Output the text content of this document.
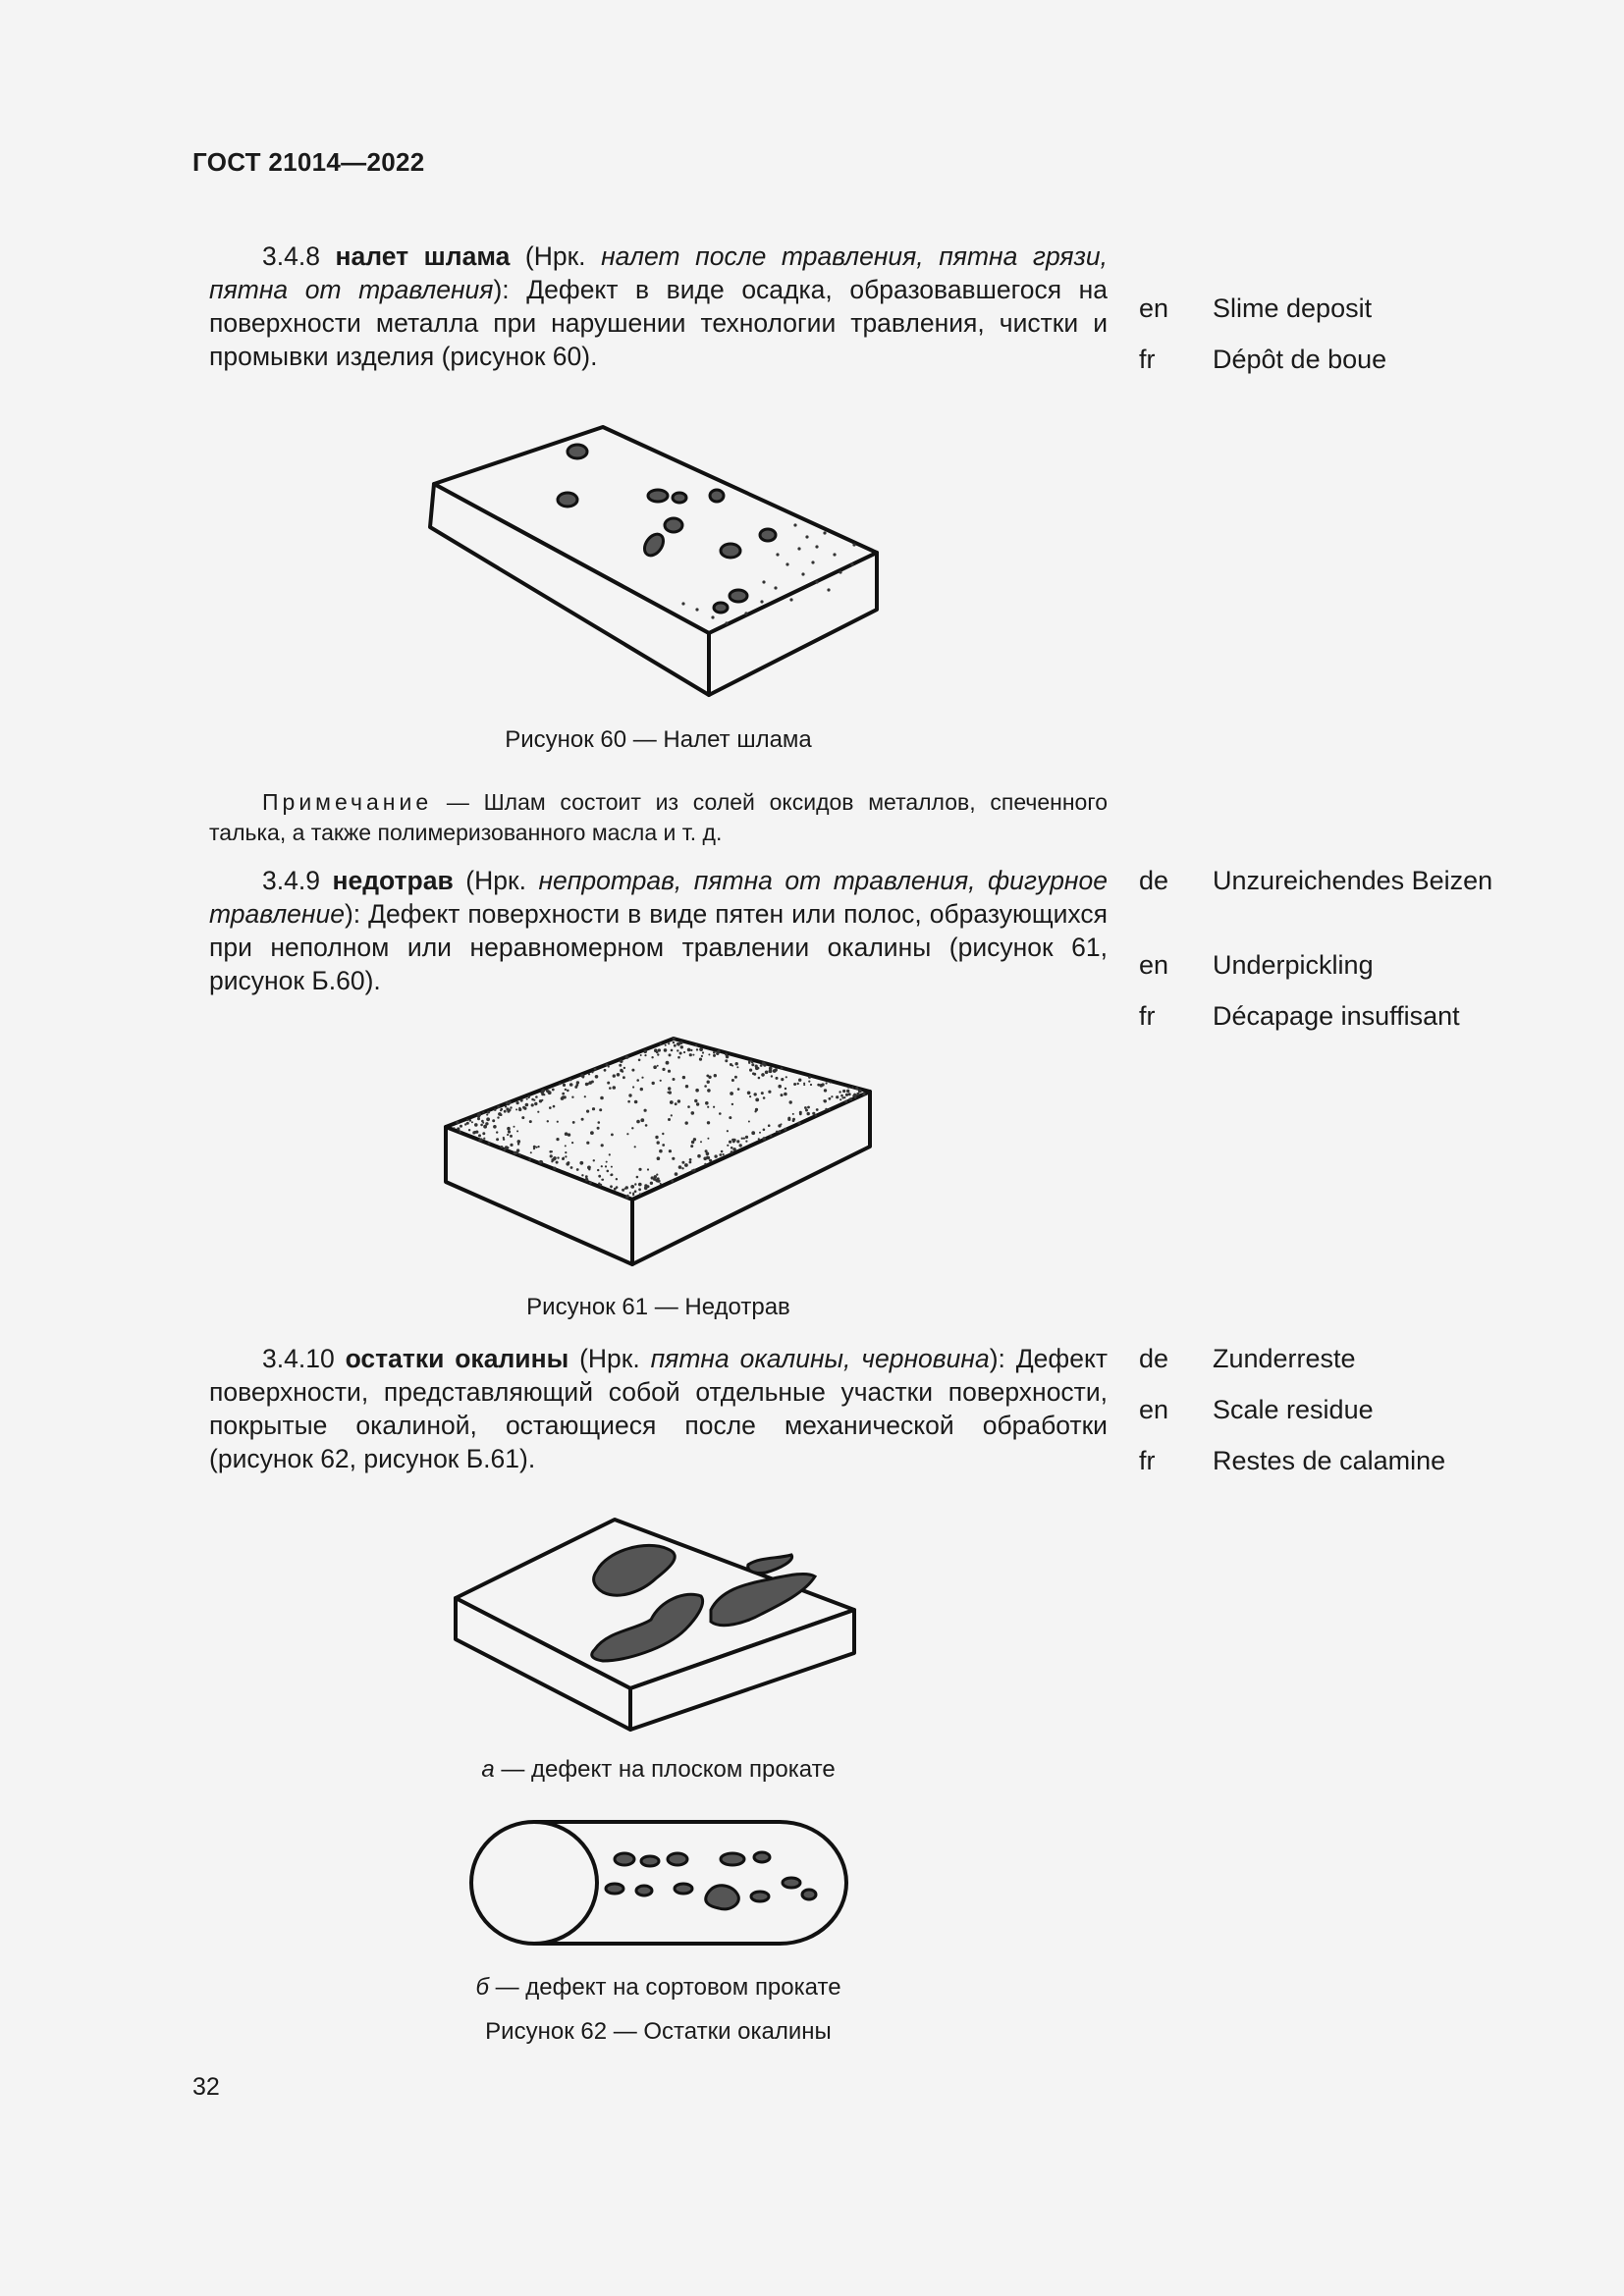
ГОСТ 21014—2022
3.4.8 налет шлама (Нрк. налет после травления, пятна грязи, пятна от травления): Дефект в виде осадка, образовавшегося на поверхности металла при нарушении технологии травления, чистки и промывки изделия (рисунок 60).
en Slime deposit
fr Dépôt de boue
Рисунок 60 — Налет шлама
Примечание — Шлам состоит из солей оксидов металлов, спеченного талька, а также полимеризованного масла и т. д.
3.4.9 недотрав (Нрк. непротрав, пятна от травления, фигурное травление): Дефект поверхности в виде пятен или полос, образующихся при неполном или неравномерном травлении окалины (рисунок 61, рисунок Б.60).
de Unzureichendes Beizen
en Underpickling
fr Décapage insuffisant
Рисунок 61 — Недотрав
3.4.10 остатки окалины (Нрк. пятна окалины, черновина): Дефект поверхности, представляющий собой отдельные участки поверхности, покрытые окалиной, остающиеся после механической обработки (рисунок 62, рисунок Б.61).
de Zunderreste
en Scale residue
fr Restes de calamine
а — дефект на плоском прокате
б — дефект на сортовом прокате
Рисунок 62 — Остатки окалины
32
